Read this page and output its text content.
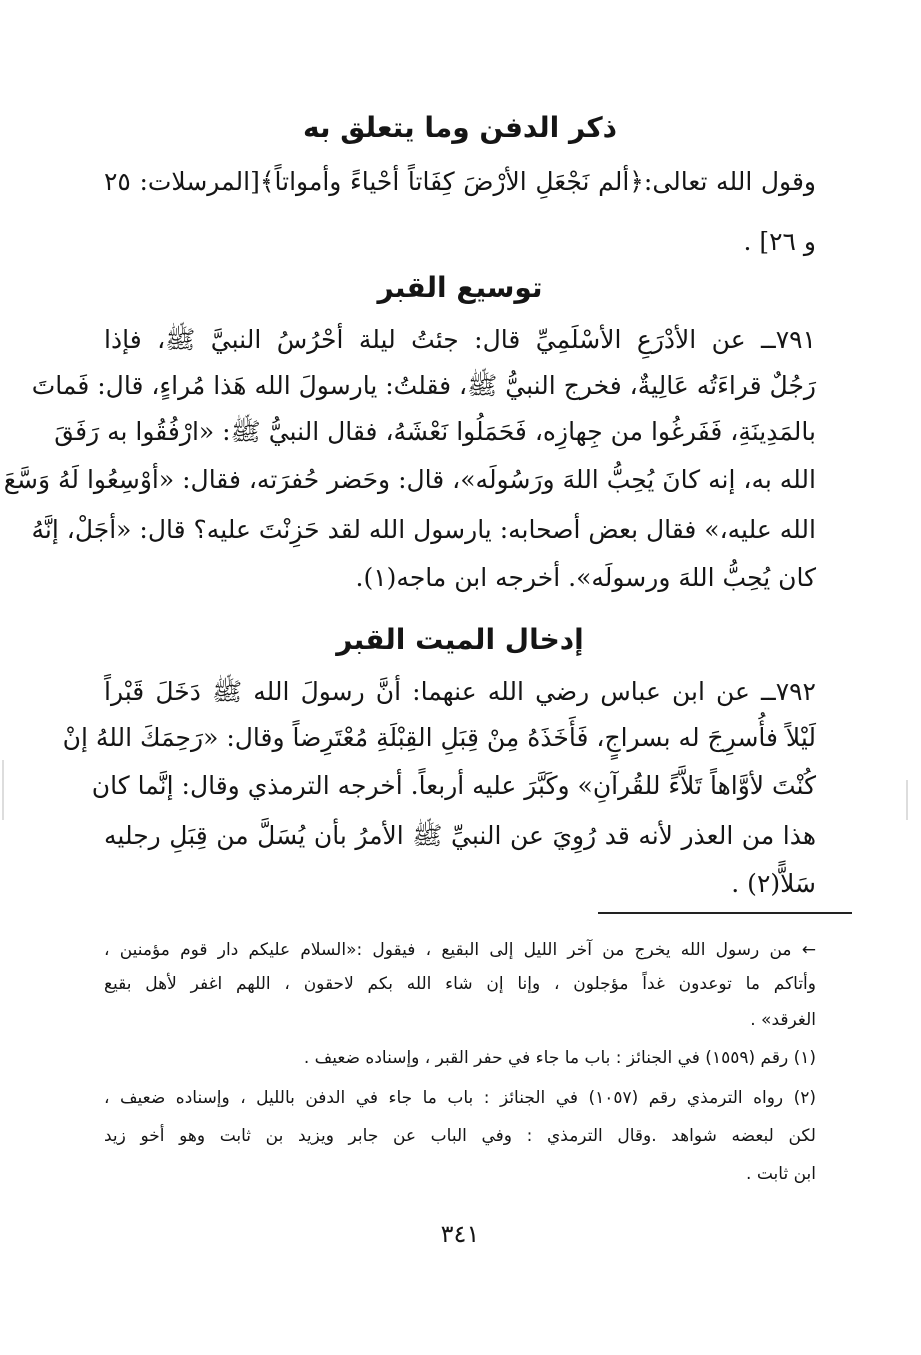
ذكر الدفن وما يتعلق به
وقول الله تعالى:﴿ألم نَجْعَلِ الأرْضَ كِفَاتاً أحْياءً وأمواتاً﴾[المرسلات: ٢٥
و ٢٦] .
توسيع القبر
٧٩١ــ عن الأدْرَعِ الأسْلَمِيِّ قال: جئتُ ليلة أحْرُسُ النبيَّ ﷺ، فإذا
رَجُلٌ قراءَتُه عَالِيةٌ، فخرج النبيُّ ﷺ، فقلتُ: يارسولَ الله هَذا مُراءٍ، قال: فَماتَ
بالمَدِينَةِ، فَفَرغُوا من جِهازِه، فَحَمَلُوا نَعْشَهُ، فقال النبيُّ ﷺ: «ارْفُقُوا به رَفَقَ
الله به، إنه كانَ يُحِبُّ اللهَ ورَسُولَه»، قال: وحَضر حُفرَته، فقال: «أوْسِعُوا لَهُ وَسَّعَ
الله عليه،» فقال بعض أصحابه: يارسول الله لقد حَزِنْتَ عليه؟ قال: «أجَلْ، إنَّهُ
كان يُحِبُّ اللهَ ورسولَه». أخرجه ابن ماجه(١).
إدخال الميت القبر
٧٩٢ــ عن ابن عباس رضي الله عنهما: أنَّ رسولَ الله ﷺ دَخَلَ قَبْراً
لَيْلاً فأُسرِجَ له بسراجٍ، فَأَخَذَهُ مِنْ قِبَلِ القِبْلَةِ مُعْتَرِضاً وقال: «رَحِمَكَ اللهُ إنْ
كُنْتَ لأوَّاهاً تَلاَّءً للقُرآنِ» وكَبَّرَ عليه أربعاً. أخرجه الترمذي وقال: إنَّما كان
هذا من العذر لأنه قد رُوِيَ عن النبيِّ ﷺ الأمرُ بأن يُسَلَّ من قِبَلِ رجليه
سَلاًّ(٢) .
← من رسول الله يخرج من آخر الليل إلى البقيع ، فيقول :«السلام عليكم دار قوم مؤمنين ،
وأتاكم ما توعدون غداً مؤجلون ، وإنا إن شاء الله بكم لاحقون ، اللهم اغفر لأهل بقيع
الغرقد» .
(١) رقم (١٥٥٩) في الجنائز : باب ما جاء في حفر القبر ، وإسناده ضعيف .
(٢) رواه الترمذي رقم (١٠٥٧) في الجنائز : باب ما جاء في الدفن بالليل ، وإسناده ضعيف ،
لكن لبعضه شواهد .وقال الترمذي : وفي الباب عن جابر ويزيد بن ثابت وهو أخو زيد
ابن ثابت .
٣٤١
